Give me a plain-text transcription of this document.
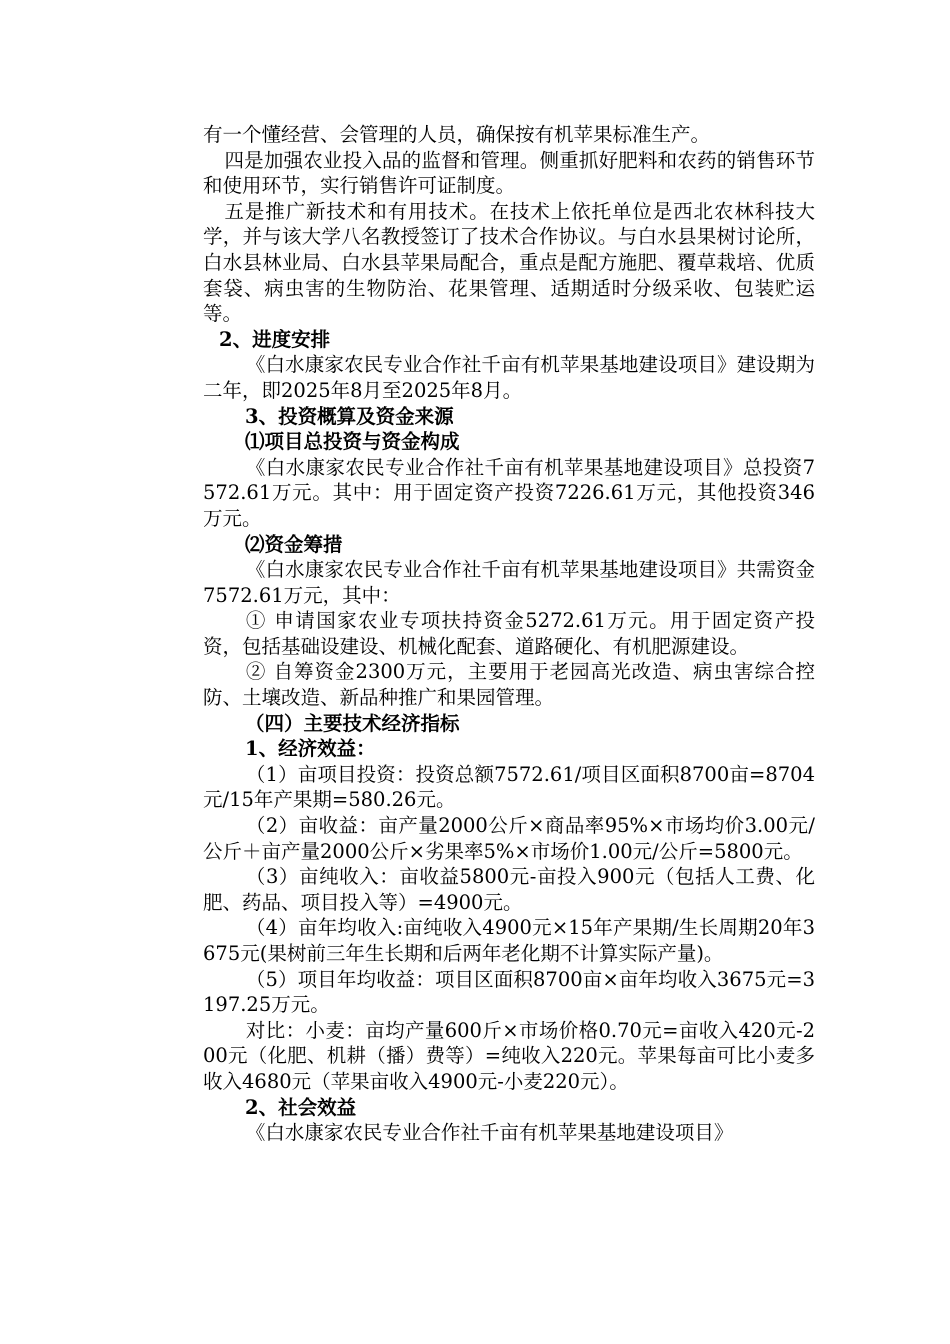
有一个懂经营、会管理的人员，确保按有机苹果标准生产。

四是加强农业投入品的监督和管理。侧重抓好肥料和农药的销售环节和使用环节，实行销售许可证制度。

五是推广新技术和有用技术。在技术上依托单位是西北农林科技大学，并与该大学八名教授签订了技术合作协议。与白水县果树讨论所，白水县林业局、白水县苹果局配合，重点是配方施肥、覆草栽培、优质套袋、病虫害的生物防治、花果管理、适期适时分级采收、包装贮运等。

2、进度安排

《白水康家农民专业合作社千亩有机苹果基地建设项目》建设期为二年，即2025年8月至2025年8月。

3、投资概算及资金来源

⑴项目总投资与资金构成

《白水康家农民专业合作社千亩有机苹果基地建设项目》总投资7572.61万元。其中：用于固定资产投资7226.61万元，其他投资346万元。

⑵资金筹措

《白水康家农民专业合作社千亩有机苹果基地建设项目》共需资金7572.61万元，其中：

① 申请国家农业专项扶持资金5272.61万元。用于固定资产投资，包括基础设建设、机械化配套、道路硬化、有机肥源建设。

② 自筹资金2300万元，主要用于老园高光改造、病虫害综合控防、土壤改造、新品种推广和果园管理。

（四）主要技术经济指标

1、经济效益：

（1）亩项目投资：投资总额7572.61/项目区面积8700亩=8704元/15年产果期=580.26元。

（2）亩收益：亩产量2000公斤×商品率95%×市场均价3.00元/公斤＋亩产量2000公斤×劣果率5%×市场价1.00元/公斤=5800元。

（3）亩纯收入：亩收益5800元-亩投入900元（包括人工费、化肥、药品、项目投入等）=4900元。

（4）亩年均收入:亩纯收入4900元×15年产果期/生长周期20年3675元(果树前三年生长期和后两年老化期不计算实际产量)。

（5）项目年均收益：项目区面积8700亩×亩年均收入3675元=3197.25万元。

对比：小麦：亩均产量600斤×市场价格0.70元=亩收入420元-200元（化肥、机耕（播）费等）=纯收入220元。苹果每亩可比小麦多收入4680元（苹果亩收入4900元-小麦220元）。

2、社会效益

《白水康家农民专业合作社千亩有机苹果基地建设项目》
